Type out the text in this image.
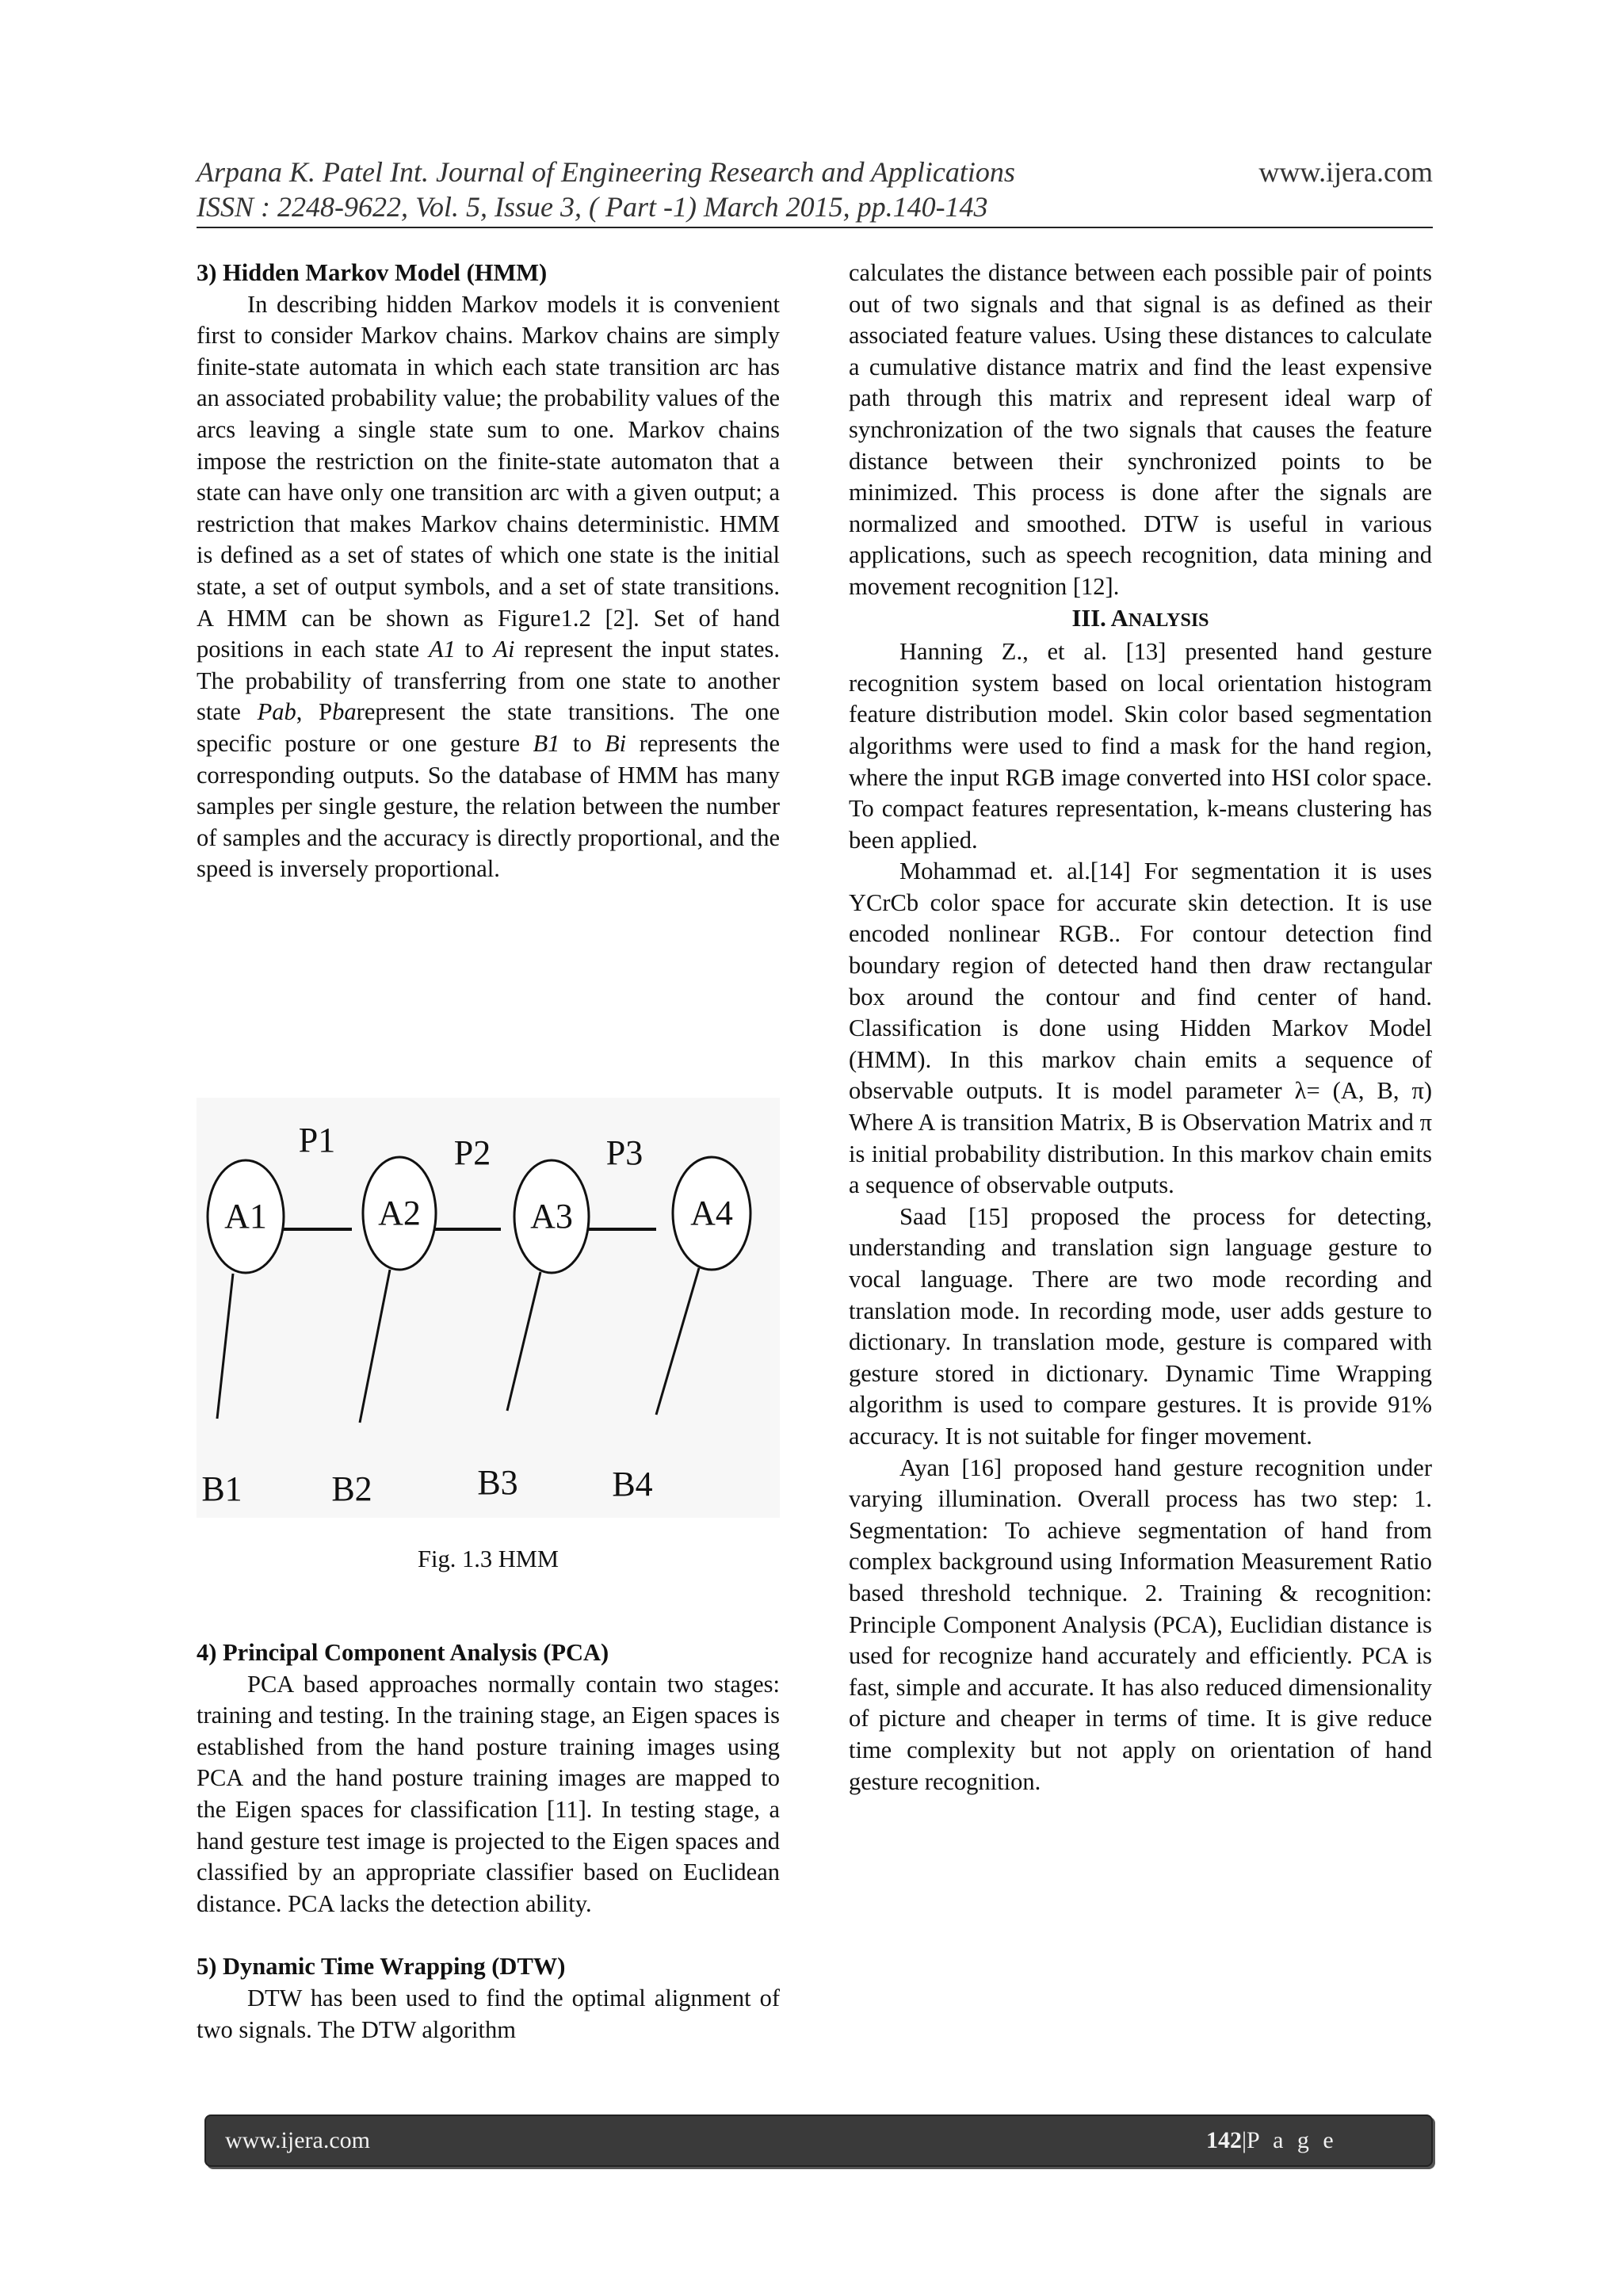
Arpana K. Patel Int. Journal of Engineering Research and Applications	www.ijera.com
ISSN : 2248-9622, Vol. 5, Issue 3, ( Part -1) March 2015, pp.140-143

3) Hidden Markov Model (HMM)

In describing hidden Markov models it is convenient first to consider Markov chains. Markov chains are simply finite-state automata in which each state transition arc has an associated probability value; the probability values of the arcs leaving a single state sum to one. Markov chains impose the restriction on the finite-state automaton that a state can have only one transition arc with a given output; a restriction that makes Markov chains deterministic. HMM is defined as a set of states of which one state is the initial state, a set of output symbols, and a set of state transitions. A HMM can be shown as Figure1.2 [2]. Set of hand positions in each state A1 to Ai represent the input states. The probability of transferring from one state to another state Pab, Pbarepresent the state transitions. The one specific posture or one gesture B1 to Bi represents the corresponding outputs. So the database of HMM has many samples per single gesture, the relation between the number of samples and the accuracy is directly proportional, and the speed is inversely proportional.

A1	A2	A3	A4
P1	P2	P3
B1	B2	B3	B4
Fig. 1.3 HMM

4) Principal Component Analysis (PCA)

PCA based approaches normally contain two stages: training and testing. In the training stage, an Eigen spaces is established from the hand posture training images using PCA and the hand posture training images are mapped to the Eigen spaces for classification [11]. In testing stage, a hand gesture test image is projected to the Eigen spaces and classified by an appropriate classifier based on Euclidean distance. PCA lacks the detection ability.

5) Dynamic Time Wrapping (DTW)

DTW has been used to find the optimal alignment of two signals. The DTW algorithm

calculates the distance between each possible pair of points out of two signals and that signal is as defined as their associated feature values. Using these distances to calculate a cumulative distance matrix and find the least expensive path through this matrix and represent ideal warp of synchronization of the two signals that causes the feature distance between their synchronized points to be minimized. This process is done after the signals are normalized and smoothed. DTW is useful in various applications, such as speech recognition, data mining and movement recognition [12].

III. ANALYSIS

Hanning Z., et al. [13] presented hand gesture recognition system based on local orientation histogram feature distribution model. Skin color based segmentation algorithms were used to find a mask for the hand region, where the input RGB image converted into HSI color space. To compact features representation, k-means clustering has been applied.

Mohammad et. al.[14] For segmentation it is uses YCrCb color space for accurate skin detection. It is use encoded nonlinear RGB.. For contour detection find boundary region of detected hand then draw rectangular box around the contour and find center of hand. Classification is done using Hidden Markov Model (HMM). In this markov chain emits a sequence of observable outputs. It is model parameter λ= (A, B, π) Where A is transition Matrix, B is Observation Matrix and π is initial probability distribution. In this markov chain emits a sequence of observable outputs.

Saad [15] proposed the process for detecting, understanding and translation sign language gesture to vocal language. There are two mode recording and translation mode. In recording mode, user adds gesture to dictionary. In translation mode, gesture is compared with gesture stored in dictionary. Dynamic Time Wrapping algorithm is used to compare gestures. It is provide 91% accuracy. It is not suitable for finger movement.

Ayan [16] proposed hand gesture recognition under varying illumination. Overall process has two step: 1. Segmentation: To achieve segmentation of hand from complex background using Information Measurement Ratio based threshold technique. 2. Training & recognition: Principle Component Analysis (PCA), Euclidian distance is used for recognize hand accurately and efficiently. PCA is fast, simple and accurate. It has also reduced dimensionality of picture and cheaper in terms of time. It is give reduce time complexity but not apply on orientation of hand gesture recognition.

www.ijera.com	142|P a g e
